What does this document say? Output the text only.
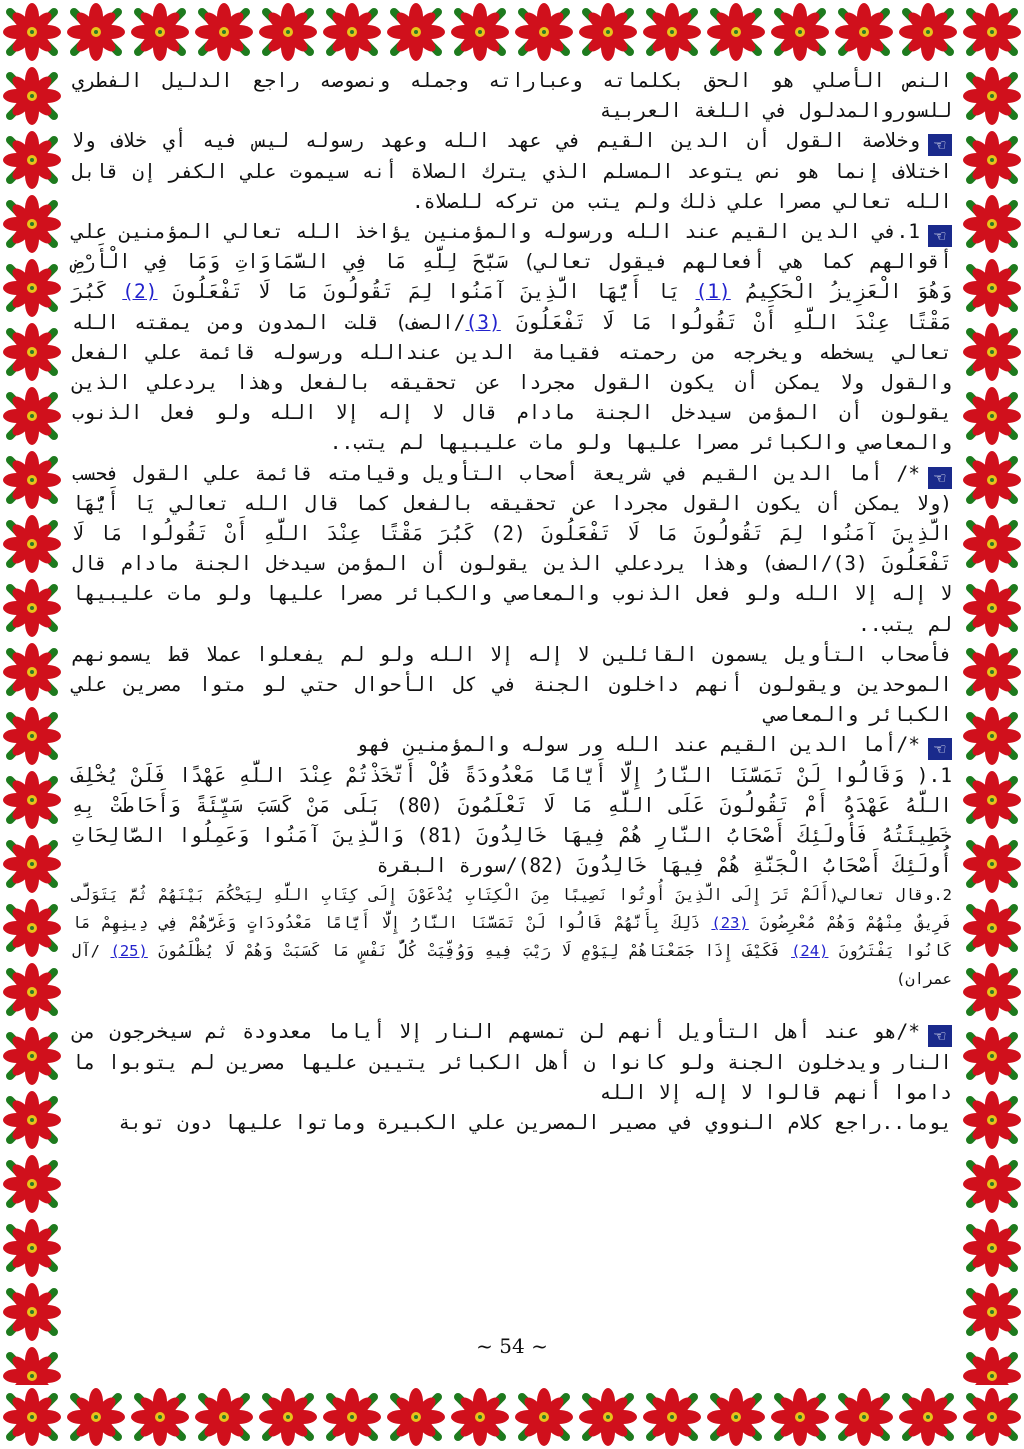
النص الأصلي هو الحق بكلماته وعباراته وجمله ونصوصه راجع الدليل الفطري للسوروالمدلول في اللغة العربية

☜وخلاصة القول أن الدين القيم في عهد الله وعهد رسوله ليس فيه أي خلاف ولا اختلاف إنما هو نص يتوعد المسلم الذي يترك الصلاة أنه سيموت علي الكفر إن قابل الله تعالي مصرا علي ذلك ولم يتب من تركه للصلاة.

☜1.في الدين القيم عند الله ورسوله والمؤمنين يؤاخذ الله تعالي المؤمنين علي أقوالهم كما هي أفعالهم فيقول تعالي) سَبَّحَ لِلَّهِ مَا فِي السَّمَاوَاتِ وَمَا فِي الْأَرْضِ وَهُوَ الْعَزِيزُ الْحَكِيمُ (1) يَا أَيُّهَا الَّذِينَ آمَنُوا لِمَ تَقُولُونَ مَا لَا تَفْعَلُونَ (2) كَبُرَ مَقْتًا عِنْدَ اللَّهِ أَنْ تَقُولُوا مَا لَا تَفْعَلُونَ (3)/الصف) قلت المدون ومن يمقته الله تعالي يسخطه ويخرجه من رحمته فقيامة الدين عندالله ورسوله قائمة علي الفعل والقول ولا يمكن أن يكون القول مجردا عن تحقيقه بالفعل وهذا يردعلي الذين يقولون أن المؤمن سيدخل الجنة مادام قال لا إله إلا الله ولو فعل الذنوب والمعاصي والكبائر مصرا عليها ولو مات عليبيها لم يتب..

☜*/ أما الدين القيم في شريعة أصحاب التأويل وقيامته قائمة علي القول فحسب (ولا يمكن أن يكون القول مجردا عن تحقيقه بالفعل كما قال الله تعالي يَا أَيُّهَا الَّذِينَ آمَنُوا لِمَ تَقُولُونَ مَا لَا تَفْعَلُونَ (2) كَبُرَ مَقْتًا عِنْدَ اللَّهِ أَنْ تَقُولُوا مَا لَا تَفْعَلُونَ (3)/الصف) وهذا يردعلي الذين يقولون أن المؤمن سيدخل الجنة مادام قال لا إله إلا الله ولو فعل الذنوب والمعاصي والكبائر مصرا عليها ولو مات عليبيها لم يتب..

فأصحاب التأويل يسمون القائلين لا إله إلا الله ولو لم يفعلوا عملا قط يسمونهم الموحدين ويقولون أنهم داخلون الجنة في كل الأحوال حتي لو متوا مصرين علي الكبائر والمعاصي

☜*/أما الدين القيم عند الله ور سوله والمؤمنين فهو

1.( وَقَالُوا لَنْ تَمَسَّنَا النَّارُ إِلَّا أَيَّامًا مَعْدُودَةً قُلْ أَتَّخَذْتُمْ عِنْدَ اللَّهِ عَهْدًا فَلَنْ يُخْلِفَ اللَّهُ عَهْدَهُ أَمْ تَقُولُونَ عَلَى اللَّهِ مَا لَا تَعْلَمُونَ (80) بَلَى مَنْ كَسَبَ سَيِّئَةً وَأَحَاطَتْ بِهِ خَطِيئَتُهُ فَأُولَئِكَ أَصْحَابُ النَّارِ هُمْ فِيهَا خَالِدُونَ (81) وَالَّذِينَ آمَنُوا وَعَمِلُوا الصَّالِحَاتِ أُولَئِكَ أَصْحَابُ الْجَنَّةِ هُمْ فِيهَا خَالِدُونَ (82)/سورة البقرة

2.وقال تعالي(أَلَمْ تَرَ إِلَى الَّذِينَ أُوتُوا نَصِيبًا مِنَ الْكِتَابِ يُدْعَوْنَ إِلَى كِتَابِ اللَّهِ لِيَحْكُمَ بَيْنَهُمْ ثُمَّ يَتَوَلَّى فَرِيقٌ مِنْهُمْ وَهُمْ مُعْرِضُونَ (23) ذَلِكَ بِأَنَّهُمْ قَالُوا لَنْ تَمَسَّنَا النَّارُ إِلَّا أَيَّامًا مَعْدُودَاتٍ وَغَرَّهُمْ فِي دِينِهِمْ مَا كَانُوا يَفْتَرُونَ (24) فَكَيْفَ إِذَا جَمَعْنَاهُمْ لِيَوْمٍ لَا رَيْبَ فِيهِ وَوُفِّيَتْ كُلُّ نَفْسٍ مَا كَسَبَتْ وَهُمْ لَا يُظْلَمُونَ (25) /آل عمران)

☜*/هو عند أهل التأويل أنهم لن تمسهم النار إلا أياما معدودة ثم سيخرجون من النار ويدخلون الجنة ولو كانوا ن أهل الكبائر يتيين عليها مصرين لم يتوبوا ما داموا أنهم قالوا لا إله إلا الله

يوما..راجع كلام النووي في مصير المصرين علي الكبيرة وماتوا عليها دون توبة

~ 54 ~
